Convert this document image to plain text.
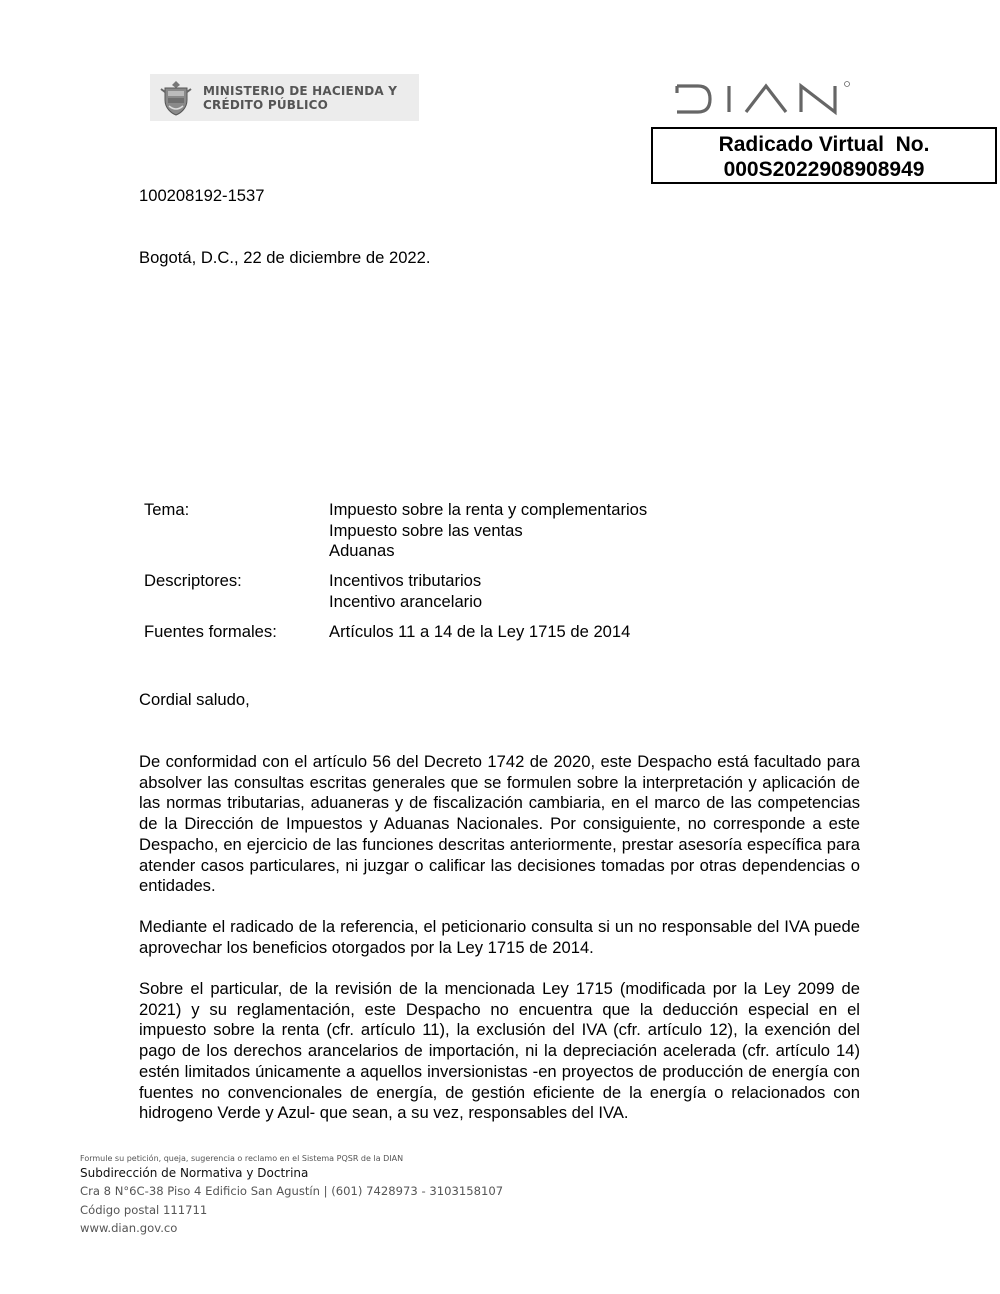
MINISTERIO DE HACIENDA Y
CRÉDITO PÚBLICO
Radicado Virtual  No.
000S2022908908949
100208192-1537
Bogotá, D.C., 22 de diciembre de 2022.
Tema:	Impuesto sobre la renta y complementarios
Impuesto sobre las ventas
Aduanas
Descriptores:	Incentivos tributarios
Incentivo arancelario
Fuentes formales:	Artículos 11 a 14 de la Ley 1715 de 2014
Cordial saludo,
De conformidad con el artículo 56 del Decreto 1742 de 2020, este Despacho está facultado para absolver las consultas escritas generales que se formulen sobre la interpretación y aplicación de las normas tributarias, aduaneras y de fiscalización cambiaria, en el marco de las competencias de la Dirección de Impuestos y Aduanas Nacionales. Por consiguiente, no corresponde a este Despacho, en ejercicio de las funciones descritas anteriormente, prestar asesoría específica para atender casos particulares, ni juzgar o calificar las decisiones tomadas por otras dependencias o entidades.
Mediante el radicado de la referencia, el peticionario consulta si un no responsable del IVA puede aprovechar los beneficios otorgados por la Ley 1715 de 2014.
Sobre el particular, de la revisión de la mencionada Ley 1715 (modificada por la Ley 2099 de 2021) y su reglamentación, este Despacho no encuentra que la deducción especial en el impuesto sobre la renta (cfr. artículo 11), la exclusión del IVA (cfr. artículo 12), la exención del pago de los derechos arancelarios de importación, ni la depreciación acelerada (cfr. artículo 14) estén limitados únicamente a aquellos inversionistas -en proyectos de producción de energía con fuentes no convencionales de energía, de gestión eficiente de la energía o relacionados con hidrogeno Verde y Azul- que sean, a su vez, responsables del IVA.
Formule su petición, queja, sugerencia o reclamo en el Sistema PQSR de la DIAN
Subdirección de Normativa y Doctrina
Cra 8 N°6C-38 Piso 4 Edificio San Agustín | (601) 7428973 - 3103158107
Código postal 111711
www.dian.gov.co
